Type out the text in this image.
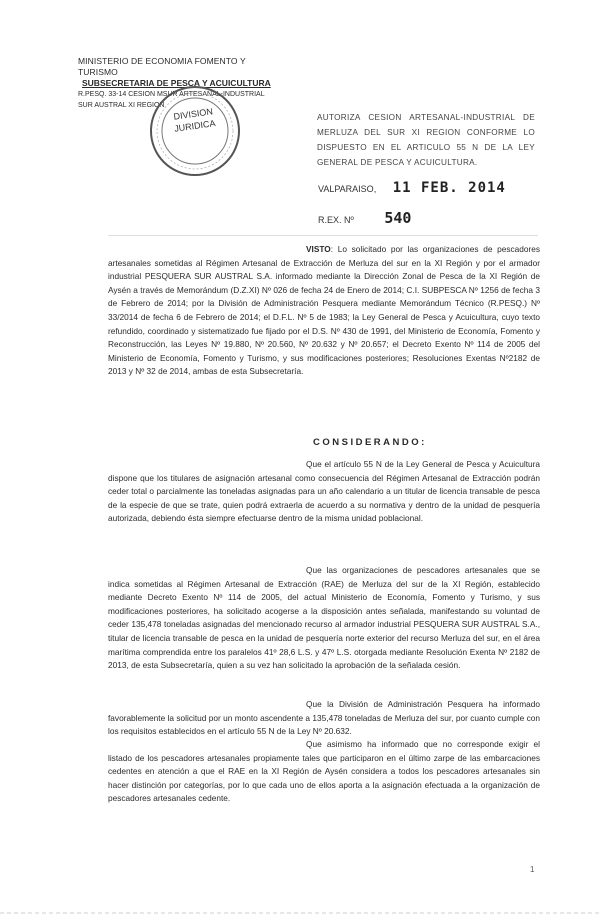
MINISTERIO DE ECONOMIA FOMENTO Y TURISMO
SUBSECRETARIA DE PESCA Y ACUICULTURA
R.PESQ. 33-14 CESION MSUR ARTESANAL-INDUSTRIAL
SUR AUSTRAL XI REGION
DIVISION
JURIDICA
AUTORIZA CESION ARTESANAL-INDUSTRIAL DE MERLUZA DEL SUR XI REGION CONFORME LO DISPUESTO EN EL ARTICULO 55 N DE LA LEY GENERAL DE PESCA Y ACUICULTURA.
VALPARAISO, 11 FEB. 2014
R.EX. Nº 540
VISTO: Lo solicitado por las organizaciones de pescadores artesanales sometidas al Régimen Artesanal de Extracción de Merluza del sur en la XI Región y por el armador industrial PESQUERA SUR AUSTRAL S.A. informado mediante la Dirección Zonal de Pesca de la XI Región de Aysén a través de Memorándum (D.Z.XI) Nº 026 de fecha 24 de Enero de 2014; C.I. SUBPESCA Nº 1256 de fecha 3 de Febrero de 2014; por la División de Administración Pesquera mediante Memorándum Técnico (R.PESQ.) Nº 33/2014 de fecha 6 de Febrero de 2014; el D.F.L. Nº 5 de 1983; la Ley General de Pesca y Acuicultura, cuyo texto refundido, coordinado y sistematizado fue fijado por el D.S. Nº 430 de 1991, del Ministerio de Economía, Fomento y Reconstrucción, las Leyes Nº 19.880, Nº 20.560, Nº 20.632 y Nº 20.657; el Decreto Exento Nº 114 de 2005 del Ministerio de Economía, Fomento y Turismo, y sus modificaciones posteriores; Resoluciones Exentas Nº2182 de 2013 y Nº 32 de 2014, ambas de esta Subsecretaría.
CONSIDERANDO:
Que el artículo 55 N de la Ley General de Pesca y Acuicultura dispone que los titulares de asignación artesanal como consecuencia del Régimen Artesanal de Extracción podrán ceder total o parcialmente las toneladas asignadas para un año calendario a un titular de licencia transable de pesca de la especie de que se trate, quien podrá extraerla de acuerdo a su normativa y dentro de la unidad de pesquería autorizada, debiendo ésta siempre efectuarse dentro de la misma unidad poblacional.
Que las organizaciones de pescadores artesanales que se indica sometidas al Régimen Artesanal de Extracción (RAE) de Merluza del sur de la XI Región, establecido mediante Decreto Exento Nº 114 de 2005, del actual Ministerio de Economía, Fomento y Turismo, y sus modificaciones posteriores, ha solicitado acogerse a la disposición antes señalada, manifestando su voluntad de ceder 135,478 toneladas asignadas del mencionado recurso al armador industrial PESQUERA SUR AUSTRAL S.A., titular de licencia transable de pesca en la unidad de pesquería norte exterior del recurso Merluza del sur, en el área marítima comprendida entre los paralelos 41º 28,6 L.S. y 47º L.S. otorgada mediante Resolución Exenta Nº 2182 de 2013, de esta Subsecretaría, quien a su vez han solicitado la aprobación de la señalada cesión.
Que la División de Administración Pesquera ha informado favorablemente la solicitud por un monto ascendente a 135,478 toneladas de Merluza del sur, por cuanto cumple con los requisitos establecidos en el artículo 55 N de la Ley Nº 20.632.
Que asimismo ha informado que no corresponde exigir el listado de los pescadores artesanales propiamente tales que participaron en el último zarpe de las embarcaciones cedentes en atención a que el RAE en la XI Región de Aysén considera a todos los pescadores artesanales sin hacer distinción por categorías, por lo que cada uno de ellos aporta a la asignación efectuada a la organización de pescadores artesanales cedente.
1
